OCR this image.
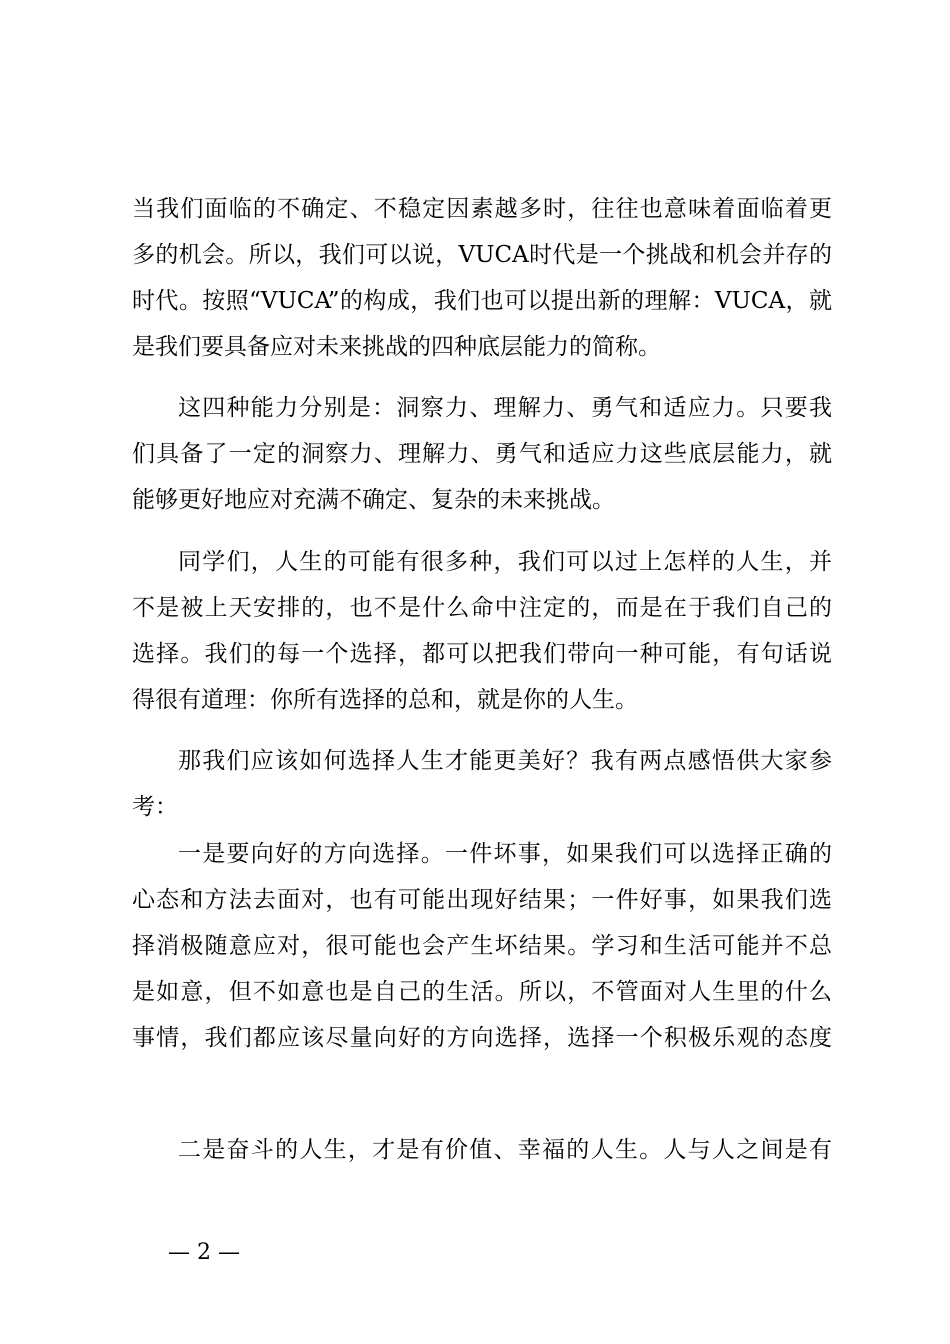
当我们面临的不确定、不稳定因素越多时，往往也意味着面临着更
多的机会。所以，我们可以说，VUCA时代是一个挑战和机会并存的
时代。按照“VUCA”的构成，我们也可以提出新的理解：VUCA，就
是我们要具备应对未来挑战的四种底层能力的简称。
这四种能力分别是：洞察力、理解力、勇气和适应力。只要我
们具备了一定的洞察力、理解力、勇气和适应力这些底层能力，就
能够更好地应对充满不确定、复杂的未来挑战。
同学们，人生的可能有很多种，我们可以过上怎样的人生，并
不是被上天安排的，也不是什么命中注定的，而是在于我们自己的
选择。我们的每一个选择，都可以把我们带向一种可能，有句话说
得很有道理：你所有选择的总和，就是你的人生。
那我们应该如何选择人生才能更美好？我有两点感悟供大家参
考：
一是要向好的方向选择。一件坏事，如果我们可以选择正确的
心态和方法去面对，也有可能出现好结果；一件好事，如果我们选
择消极随意应对，很可能也会产生坏结果。学习和生活可能并不总
是如意，但不如意也是自己的生活。所以，不管面对人生里的什么
事情，我们都应该尽量向好的方向选择，选择一个积极乐观的态度
二是奋斗的人生，才是有价值、幸福的人生。人与人之间是有
— 2 —
